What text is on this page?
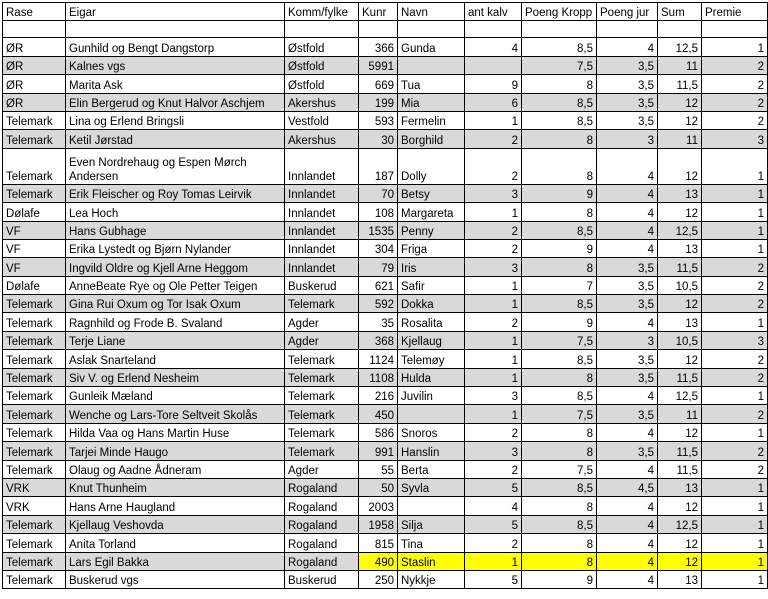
Rase	Eigar	Komm/fylke	Kunr	Navn	ant kalv	Poeng Kropp	Poeng jur	Sum	Premie

ØR	Gunhild og Bengt Dangstorp	Østfold	366	Gunda	4	8,5	4	12,5	1
ØR	Kalnes vgs	Østfold	5991			7,5	3,5	11	2
ØR	Marita Ask	Østfold	669	Tua	9	8	3,5	11,5	2
ØR	Elin Bergerud og Knut Halvor Aschjem	Akershus	199	Mia	6	8,5	3,5	12	2
Telemark	Lina og Erlend Bringsli	Vestfold	593	Fermelin	1	8,5	3,5	12	2
Telemark	Ketil Jørstad	Akershus	30	Borghild	2	8	3	11	3
Telemark	Even Nordrehaug og Espen Mørch Andersen	Innlandet	187	Dolly	2	8	4	12	1
Telemark	Erik Fleischer og Roy Tomas Leirvik	Innlandet	70	Betsy	3	9	4	13	1
Dølafe	Lea Hoch	Innlandet	108	Margareta	1	8	4	12	1
VF	Hans Gubhage	Innlandet	1535	Penny	2	8,5	4	12,5	1
VF	Erika Lystedt og Bjørn Nylander	Innlandet	304	Friga	2	9	4	13	1
VF	Ingvild Oldre og Kjell Arne Heggom	Innlandet	79	Iris	3	8	3,5	11,5	2
Dølafe	AnneBeate Rye og Ole Petter Teigen	Buskerud	621	Safir	1	7	3,5	10,5	2
Telemark	Gina Rui Oxum og Tor Isak Oxum	Telemark	592	Dokka	1	8,5	3,5	12	2
Telemark	Ragnhild og Frode B. Svaland	Agder	35	Rosalita	2	9	4	13	1
Telemark	Terje Liane	Agder	368	Kjellaug	1	7,5	3	10,5	3
Telemark	Aslak Snarteland	Telemark	1124	Telemøy	1	8,5	3,5	12	2
Telemark	Siv V. og Erlend Nesheim	Telemark	1108	Hulda	1	8	3,5	11,5	2
Telemark	Gunleik Mæland	Telemark	216	Juvilin	3	8,5	4	12,5	1
Telemark	Wenche og Lars-Tore Seltveit Skolås	Telemark	450		1	7,5	3,5	11	2
Telemark	Hilda Vaa og Hans Martin Huse	Telemark	586	Snoros	2	8	4	12	1
Telemark	Tarjei Minde Haugo	Telemark	991	Hanslin	3	8	3,5	11,5	2
Telemark	Olaug og Aadne Ådneram	Agder	55	Berta	2	7,5	4	11,5	2
VRK	Knut Thunheim	Rogaland	50	Syvla	5	8,5	4,5	13	1
VRK	Hans Arne Haugland	Rogaland	2003		4	8	4	12	1
Telemark	Kjellaug Veshovda	Rogaland	1958	Silja	5	8,5	4	12,5	1
Telemark	Anita Torland	Rogaland	815	Tina	2	8	4	12	1
Telemark	Lars Egil Bakka	Rogaland	490	Staslin	1	8	4	12	1
Telemark	Buskerud vgs	Buskerud	250	Nykkje	5	9	4	13	1
